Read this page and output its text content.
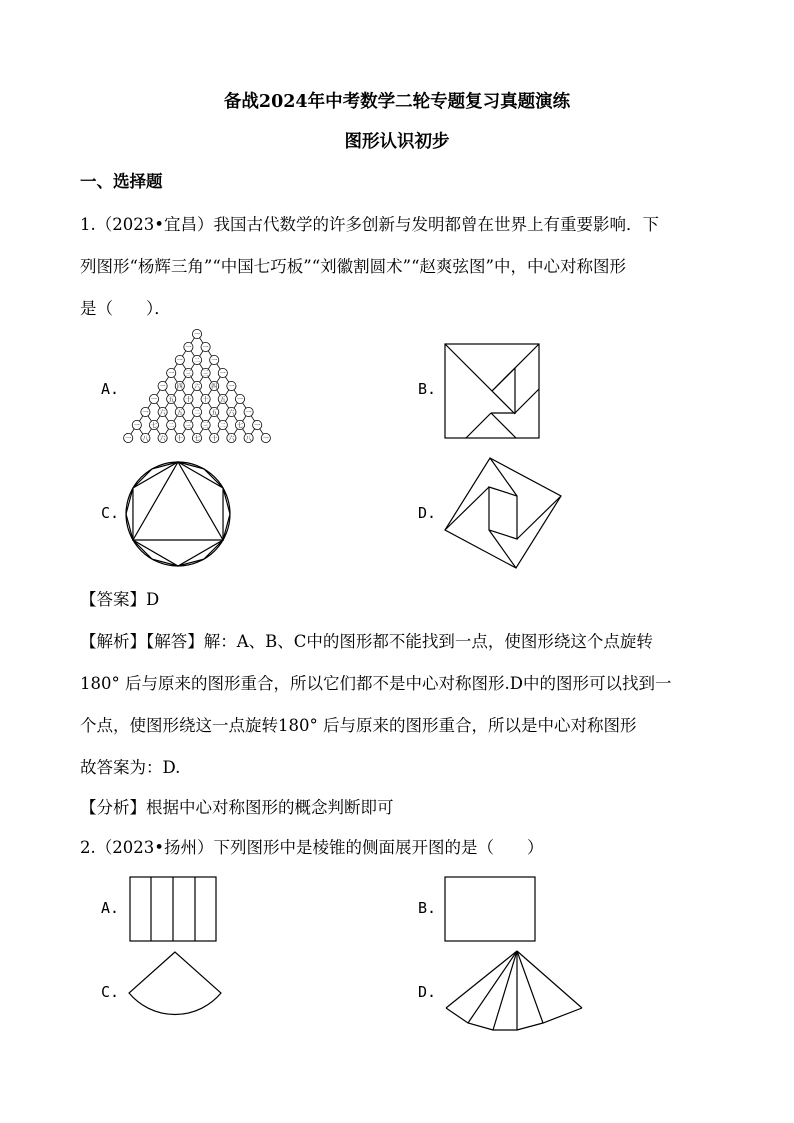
备战2024年中考数学二轮专题复习真题演练
图形认识初步
一、选择题
1.（2023•宜昌）我国古代数学的许多创新与发明都曾在世界上有重要影响．下
列图形“杨辉三角”“中国七巧板”“刘徽割圆术”“赵爽弦图”中，中心对称图形
是（　　）．
A.
一
一 一
一 二 一
一 三 三 一
一 四 六 四 一
一 五 十 十 五 一
一 六 五 二 五 六 一
一 七 二 三 三 二 七 一
一 八 六 十 七 十 六 八 一
B.
C.	D.
【答案】D
【解析】【解答】解：A、B、C中的图形都不能找到一点，使图形绕这个点旋转
180° 后与原来的图形重合，所以它们都不是中心对称图形.D中的图形可以找到一
个点，使图形绕这一点旋转180° 后与原来的图形重合，所以是中心对称图形
故答案为：D.
【分析】根据中心对称图形的概念判断即可
2.（2023•扬州）下列图形中是棱锥的侧面展开图的是（　　）
A.	B.
C.	D.
